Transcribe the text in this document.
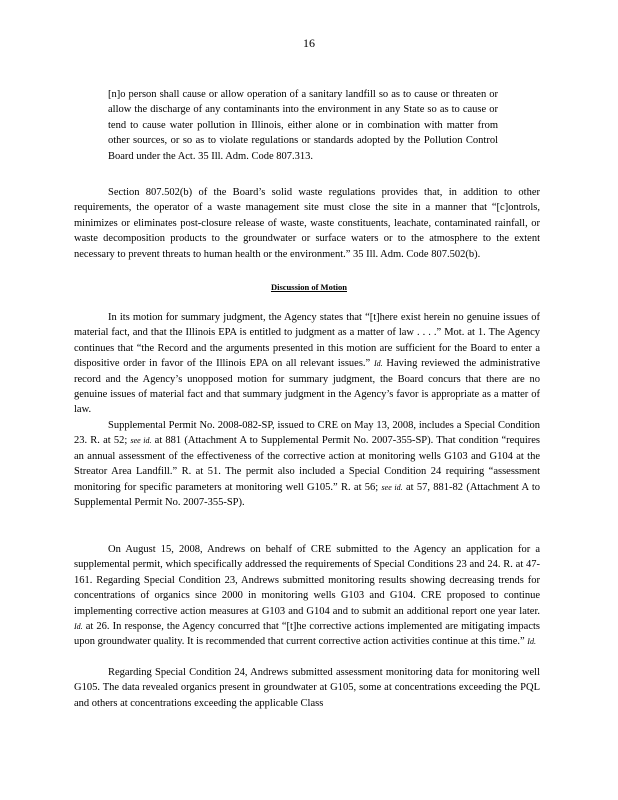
16

[n]o person shall cause or allow operation of a sanitary landfill so as to cause or threaten or allow the discharge of any contaminants into the environment in any State so as to cause or tend to cause water pollution in Illinois, either alone or in combination with matter from other sources, or so as to violate regulations or standards adopted by the Pollution Control Board under the Act. 35 Ill. Adm. Code 807.313.

Section 807.502(b) of the Board’s solid waste regulations provides that, in addition to other requirements, the operator of a waste management site must close the site in a manner that “[c]ontrols, minimizes or eliminates post-closure release of waste, waste constituents, leachate, contaminated rainfall, or waste decomposition products to the groundwater or surface waters or to the atmosphere to the extent necessary to prevent threats to human health or the environment.” 35 Ill. Adm. Code 807.502(b).

Discussion of Motion

In its motion for summary judgment, the Agency states that “[t]here exist herein no genuine issues of material fact, and that the Illinois EPA is entitled to judgment as a matter of law . . . .” Mot. at 1. The Agency continues that “the Record and the arguments presented in this motion are sufficient for the Board to enter a dispositive order in favor of the Illinois EPA on all relevant issues.” Id. Having reviewed the administrative record and the Agency’s unopposed motion for summary judgment, the Board concurs that there are no genuine issues of material fact and that summary judgment in the Agency’s favor is appropriate as a matter of law.

Supplemental Permit No. 2008-082-SP, issued to CRE on May 13, 2008, includes a Special Condition 23. R. at 52; see id. at 881 (Attachment A to Supplemental Permit No. 2007-355-SP). That condition “requires an annual assessment of the effectiveness of the corrective action at monitoring wells G103 and G104 at the Streator Area Landfill.” R. at 51. The permit also included a Special Condition 24 requiring “assessment monitoring for specific parameters at monitoring well G105.” R. at 56; see id. at 57, 881-82 (Attachment A to Supplemental Permit No. 2007-355-SP).

On August 15, 2008, Andrews on behalf of CRE submitted to the Agency an application for a supplemental permit, which specifically addressed the requirements of Special Conditions 23 and 24. R. at 47-161. Regarding Special Condition 23, Andrews submitted monitoring results showing decreasing trends for concentrations of organics since 2000 in monitoring wells G103 and G104. CRE proposed to continue implementing corrective action measures at G103 and G104 and to submit an additional report one year later. Id. at 26. In response, the Agency concurred that “[t]he corrective actions implemented are mitigating impacts upon groundwater quality. It is recommended that current corrective action activities continue at this time.” Id.

Regarding Special Condition 24, Andrews submitted assessment monitoring data for monitoring well G105. The data revealed organics present in groundwater at G105, some at concentrations exceeding the PQL and others at concentrations exceeding the applicable Class
